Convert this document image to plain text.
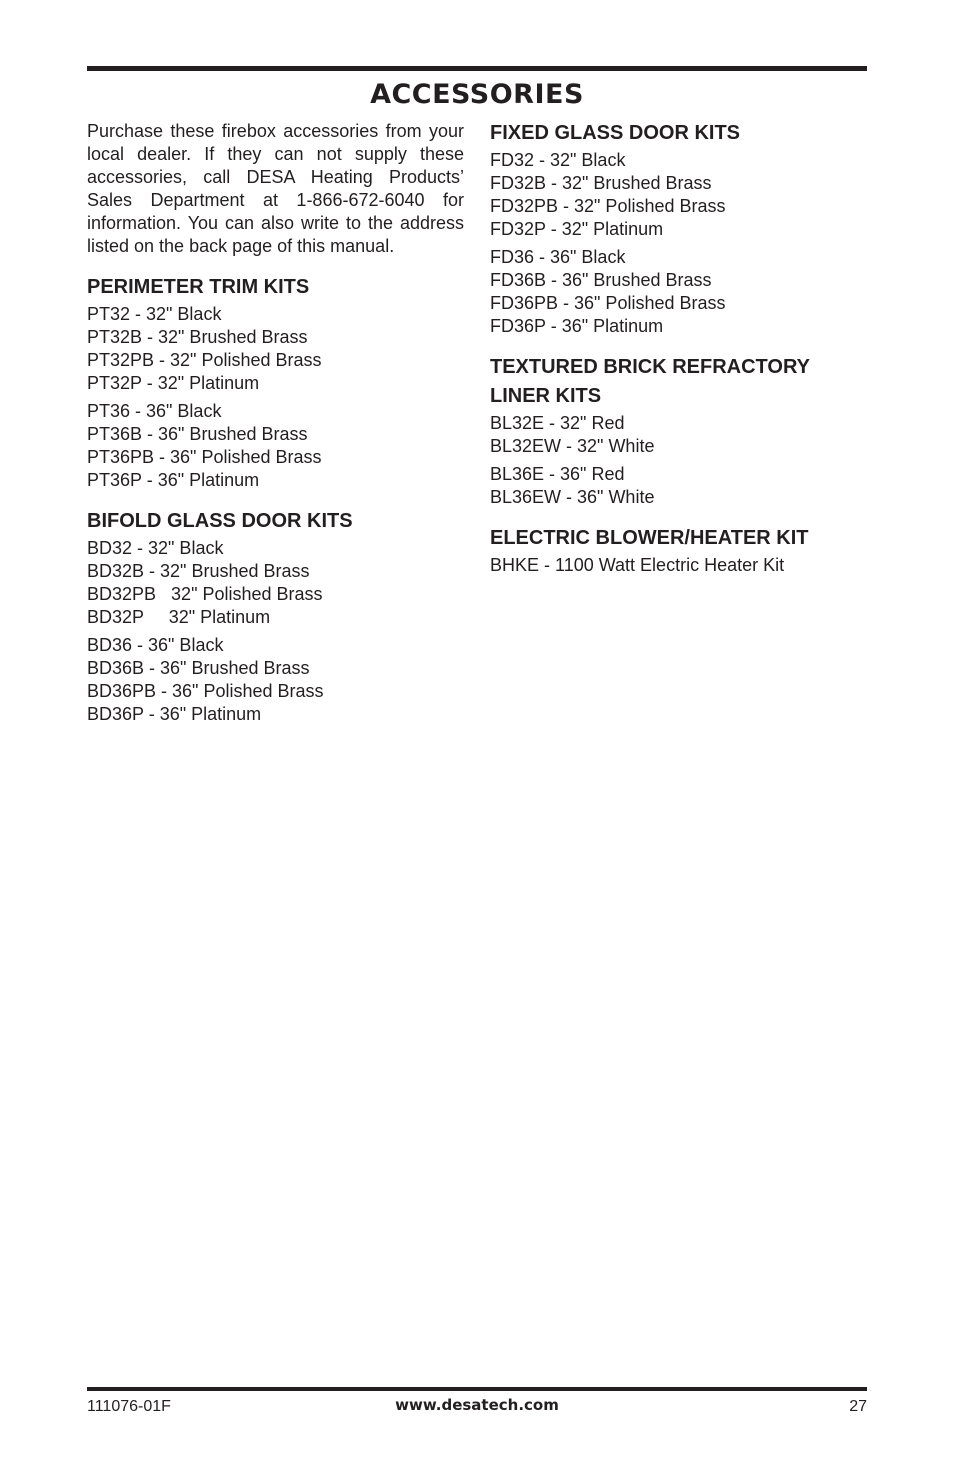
ACCESSORIES

Purchase these firebox accessories from your local dealer. If they can not supply these accessories, call DESA Heating Products’ Sales Department at 1-866-672-6040 for information. You can also write to the address listed on the back page of this manual.

PERIMETER TRIM KITS
PT32 - 32" Black
PT32B - 32" Brushed Brass
PT32PB - 32" Polished Brass
PT32P - 32" Platinum
PT36 - 36" Black
PT36B - 36" Brushed Brass
PT36PB - 36" Polished Brass
PT36P - 36" Platinum
BIFOLD GLASS DOOR KITS
BD32 - 32" Black
BD32B - 32" Brushed Brass
BD32PB   32" Polished Brass
BD32P     32" Platinum
BD36 - 36" Black
BD36B - 36" Brushed Brass
BD36PB - 36" Polished Brass
BD36P - 36" Platinum
FIXED GLASS DOOR KITS
FD32 - 32" Black
FD32B - 32" Brushed Brass
FD32PB - 32" Polished Brass
FD32P - 32" Platinum
FD36 - 36" Black
FD36B - 36" Brushed Brass
FD36PB - 36" Polished Brass
FD36P - 36" Platinum
TEXTURED BRICK REFRACTORY
LINER KITS
BL32E - 32" Red
BL32EW - 32" White
BL36E - 36" Red
BL36EW - 36" White
ELECTRIC BLOWER/HEATER KIT
BHKE - 1100 Watt Electric Heater Kit
111076-01F	www.desatech.com	27
